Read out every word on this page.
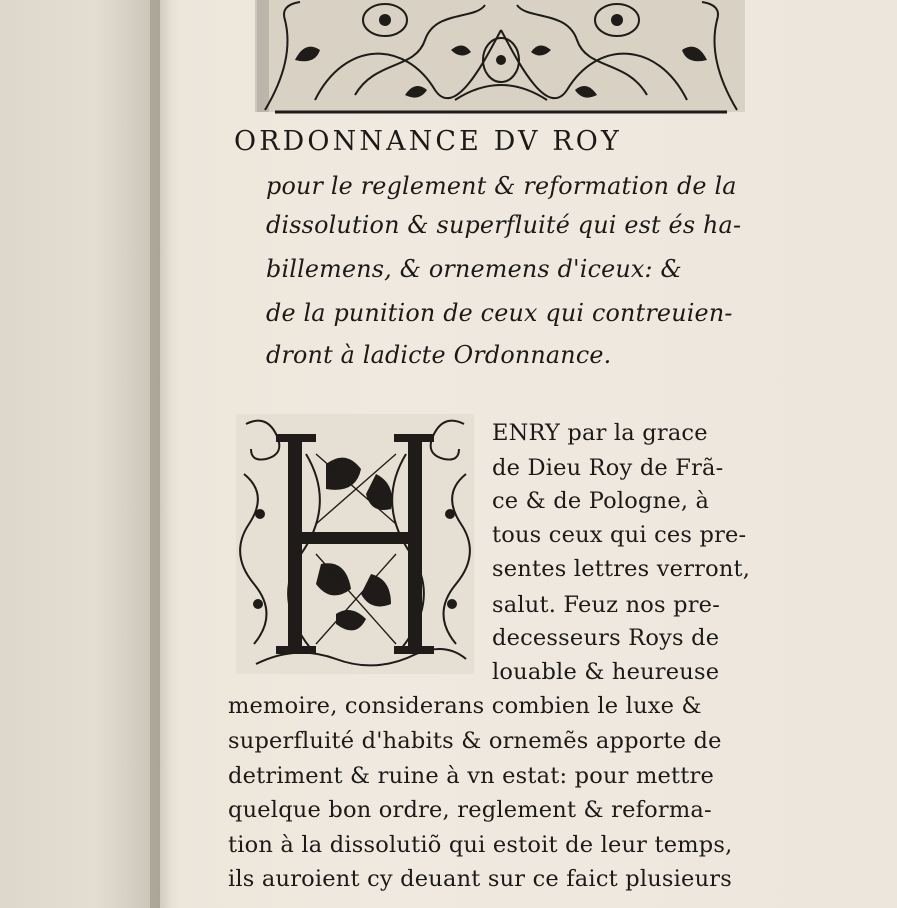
ORDONNANCE DV ROY
pour le reglement & reformation de la
dissolution & superfluité qui est és ha-
billemens, & ornemens d'iceux: &
de la punition de ceux qui contreuien-
dront à ladicte Ordonnance.
ENRY par la grace
de Dieu Roy de Frã-
ce & de Pologne, à
tous ceux qui ces pre-
sentes lettres verront,
salut. Feuz nos pre-
decesseurs Roys de
louable & heureuse
memoire, considerans combien le luxe &
superfluité d'habits & ornemẽs apporte de
detriment & ruine à vn estat: pour mettre
quelque bon ordre, reglement & reforma-
tion à la dissolutiõ qui estoit de leur temps,
ils auroient cy deuant sur ce faict plusieurs
